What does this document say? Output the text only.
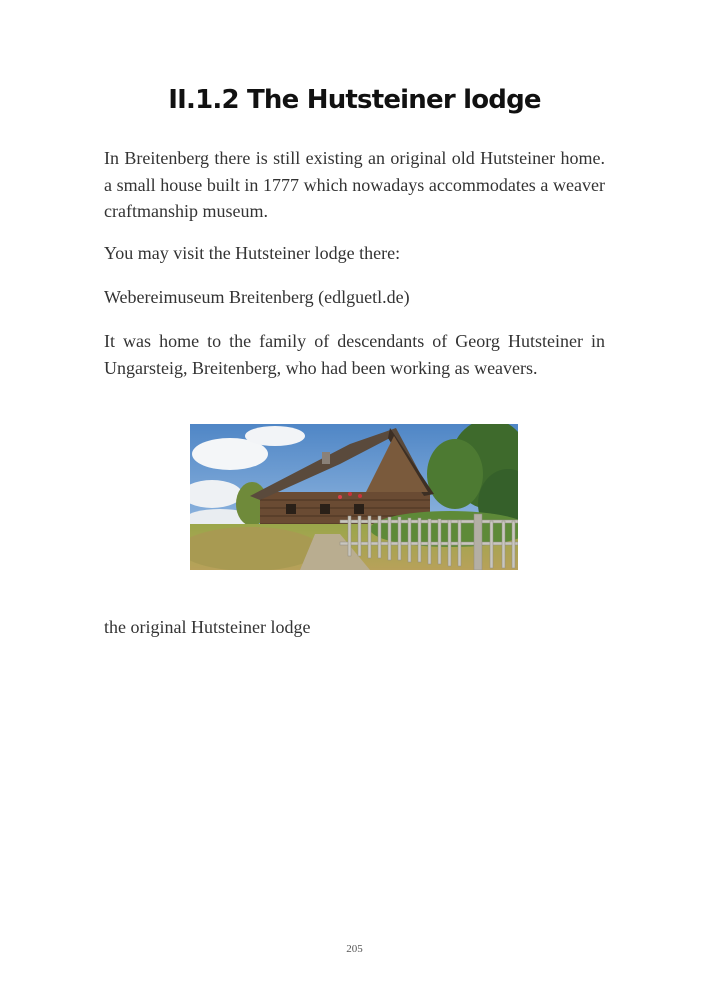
II.1.2 The Hutsteiner lodge

In Breitenberg there is still existing an original old Hutsteiner home. a small house built in 1777 which nowadays accommodates a weaver craftmanship museum.

You may visit the Hutsteiner lodge there:

Webereimuseum Breitenberg (edlguetl.de)

It was home to the family of descendants of Georg Hutsteiner in Ungarsteig, Breitenberg, who had been working as weavers.

the original Hutsteiner lodge

205
